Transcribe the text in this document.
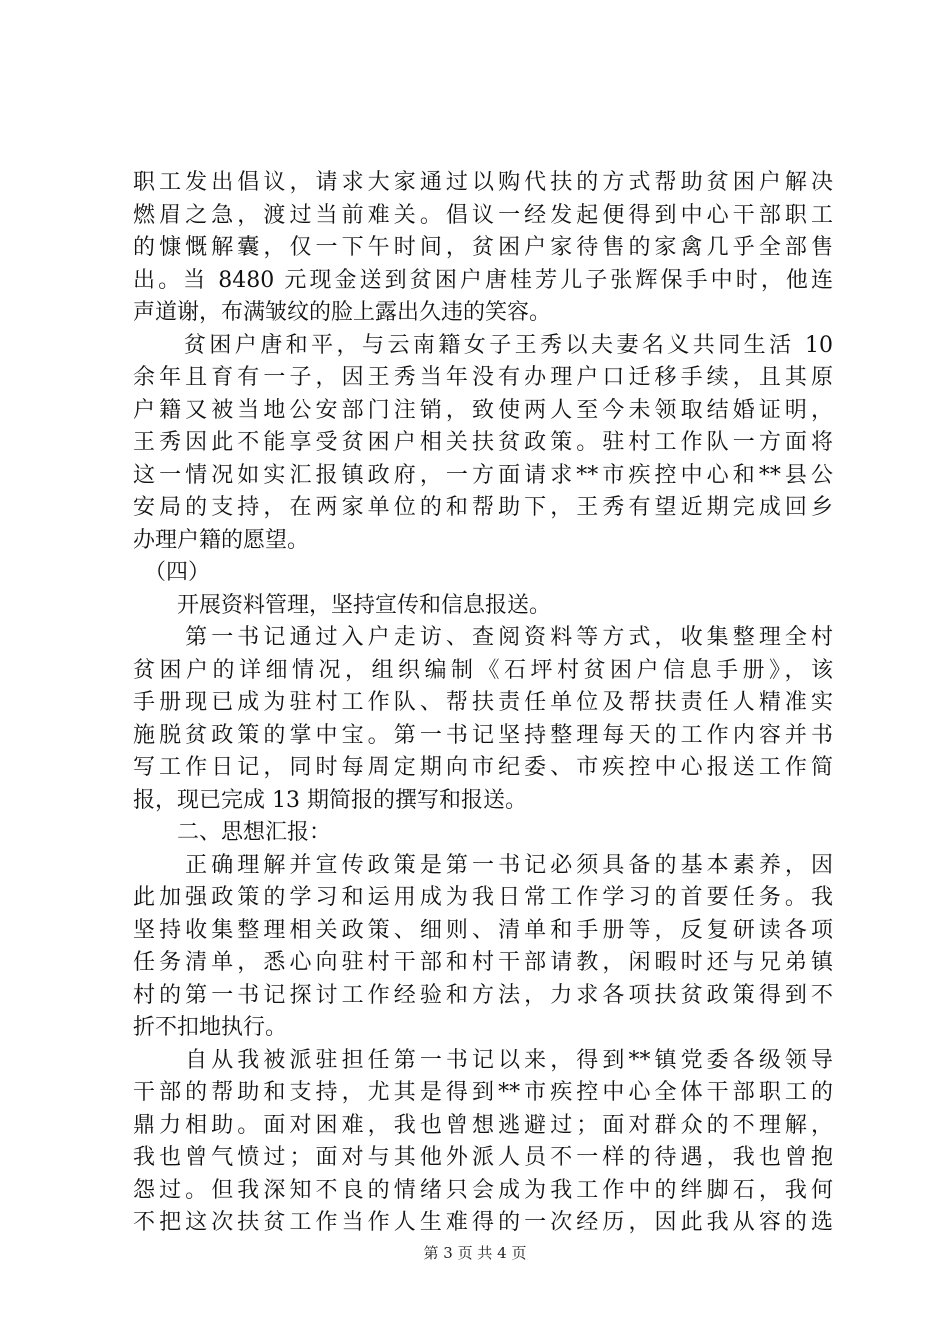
职工发出倡议，请求大家通过以购代扶的方式帮助贫困户解决
燃眉之急，渡过当前难关。倡议一经发起便得到中心干部职工
的慷慨解囊，仅一下午时间，贫困户家待售的家禽几乎全部售
出。当 8480 元现金送到贫困户唐桂芳儿子张辉保手中时，他连
声道谢，布满皱纹的脸上露出久违的笑容。
　　贫困户唐和平，与云南籍女子王秀以夫妻名义共同生活 10
余年且育有一子，因王秀当年没有办理户口迁移手续，且其原
户籍又被当地公安部门注销，致使两人至今未领取结婚证明，
王秀因此不能享受贫困户相关扶贫政策。驻村工作队一方面将
这一情况如实汇报镇政府，一方面请求**市疾控中心和**县公
安局的支持，在两家单位的和帮助下，王秀有望近期完成回乡
办理户籍的愿望。
　（四）
　　开展资料管理，坚持宣传和信息报送。
　　第一书记通过入户走访、查阅资料等方式，收集整理全村
贫困户的详细情况，组织编制《石坪村贫困户信息手册》，该
手册现已成为驻村工作队、帮扶责任单位及帮扶责任人精准实
施脱贫政策的掌中宝。第一书记坚持整理每天的工作内容并书
写工作日记，同时每周定期向市纪委、市疾控中心报送工作简
报，现已完成 13 期简报的撰写和报送。
　　二、思想汇报：
　　正确理解并宣传政策是第一书记必须具备的基本素养，因
此加强政策的学习和运用成为我日常工作学习的首要任务。我
坚持收集整理相关政策、细则、清单和手册等，反复研读各项
任务清单，悉心向驻村干部和村干部请教，闲暇时还与兄弟镇
村的第一书记探讨工作经验和方法，力求各项扶贫政策得到不
折不扣地执行。
　　自从我被派驻担任第一书记以来，得到**镇党委各级领导
干部的帮助和支持，尤其是得到**市疾控中心全体干部职工的
鼎力相助。面对困难，我也曾想逃避过；面对群众的不理解，
我也曾气愤过；面对与其他外派人员不一样的待遇，我也曾抱
怨过。但我深知不良的情绪只会成为我工作中的绊脚石，我何
不把这次扶贫工作当作人生难得的一次经历，因此我从容的选
第 3 页 共 4 页
